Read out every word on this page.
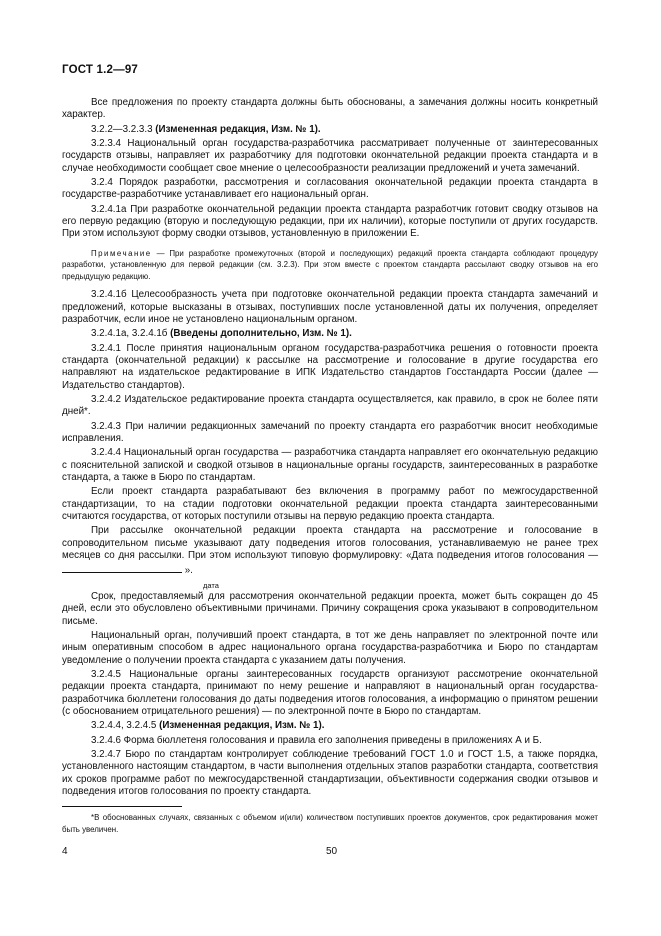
ГОСТ 1.2—97

Все предложения по проекту стандарта должны быть обоснованы, а замечания должны носить конкретный характер.

3.2.2—3.2.3.3 (Измененная редакция, Изм. № 1).

3.2.3.4 Национальный орган государства-разработчика рассматривает полученные от заинтересованных государств отзывы, направляет их разработчику для подготовки окончательной редакции проекта стандарта и в случае необходимости сообщает свое мнение о целесообразности реализации предложений и учета замечаний.

3.2.4 Порядок разработки, рассмотрения и согласования окончательной редакции проекта стандарта в государстве-разработчике устанавливает его национальный орган.

3.2.4.1а При разработке окончательной редакции проекта стандарта разработчик готовит сводку отзывов на его первую редакцию (вторую и последующую редакции, при их наличии), которые поступили от других государств. При этом используют форму сводки отзывов, установленную в приложении Е.

Примечание — При разработке промежуточных (второй и последующих) редакций проекта стандарта соблюдают процедуру разработки, установленную для первой редакции (см. 3.2.3). При этом вместе с проектом стандарта рассылают сводку отзывов на его предыдущую редакцию.

3.2.4.1б Целесообразность учета при подготовке окончательной редакции проекта стандарта замечаний и предложений, которые высказаны в отзывах, поступивших после установленной даты их получения, определяет разработчик, если иное не установлено национальным органом.

3.2.4.1а, 3.2.4.1б (Введены дополнительно, Изм. № 1).

3.2.4.1 После принятия национальным органом государства-разработчика решения о готовности проекта стандарта (окончательной редакции) к рассылке на рассмотрение и голосование в другие государства его направляют на издательское редактирование в ИПК Издательство стандартов Госстандарта России (далее — Издательство стандартов).

3.2.4.2 Издательское редактирование проекта стандарта осуществляется, как правило, в срок не более пяти дней*.

3.2.4.3 При наличии редакционных замечаний по проекту стандарта его разработчик вносит необходимые исправления.

3.2.4.4 Национальный орган государства — разработчика стандарта направляет его окончательную редакцию с пояснительной запиской и сводкой отзывов в национальные органы государств, заинтересованных в разработке стандарта, а также в Бюро по стандартам.

Если проект стандарта разрабатывают без включения в программу работ по межгосударственной стандартизации, то на стадии подготовки окончательной редакции проекта стандарта заинтересованными считаются государства, от которых поступили отзывы на первую редакцию проекта стандарта.

При рассылке окончательной редакции проекта стандарта на рассмотрение и голосование в сопроводительном письме указывают дату подведения итогов голосования, устанавливаемую не ранее трех месяцев со дня рассылки. При этом используют типовую формулировку: «Дата подведения итогов голосования —  ».

дата

Срок, предоставляемый для рассмотрения окончательной редакции проекта, может быть сокращен до 45 дней, если это обусловлено объективными причинами. Причину сокращения срока указывают в сопроводительном письме.

Национальный орган, получивший проект стандарта, в тот же день направляет по электронной почте или иным оперативным способом в адрес национального органа государства-разработчика и Бюро по стандартам уведомление о получении проекта стандарта с указанием даты получения.

3.2.4.5 Национальные органы заинтересованных государств организуют рассмотрение окончательной редакции проекта стандарта, принимают по нему решение и направляют в национальный орган государства-разработчика бюллетени голосования до даты подведения итогов голосования, а информацию о принятом решении (с обоснованием отрицательного решения) — по электронной почте в Бюро по стандартам.

3.2.4.4, 3.2.4.5 (Измененная редакция, Изм. № 1).

3.2.4.6 Форма бюллетеня голосования и правила его заполнения приведены в приложениях А и Б.

3.2.4.7 Бюро по стандартам контролирует соблюдение требований ГОСТ 1.0 и ГОСТ 1.5, а также порядка, установленного настоящим стандартом, в части выполнения отдельных этапов разработки стандарта, соответствия их сроков программе работ по межгосударственной стандартизации, объективности содержания сводки отзывов и подведения итогов голосования по проекту стандарта.

*В обоснованных случаях, связанных с объемом и(или) количеством поступивших проектов документов, срок редактирования может быть увеличен.

4	50
